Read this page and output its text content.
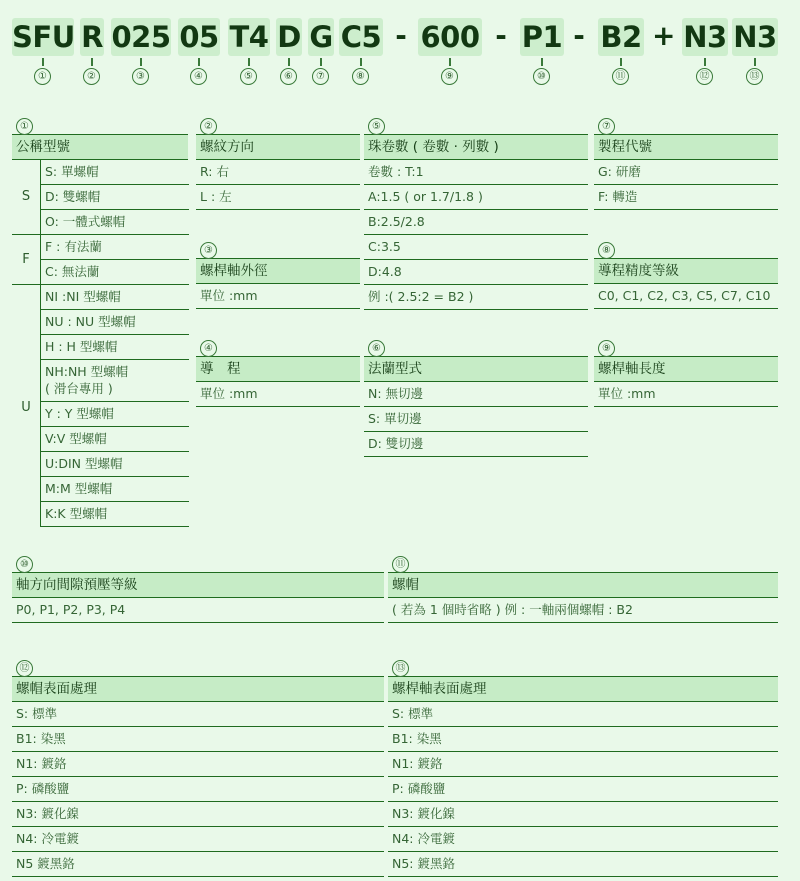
SFU R 025 05 T4 D G C5 - 600 - P1 - B2 + N3 N3
①	②	③	④	⑤	⑥	⑦	⑧	⑨	⑩	⑪	⑫	⑬
①
公稱型號
S
S: 單螺帽
D: 雙螺帽
O: 一體式螺帽
F
F : 有法蘭
C: 無法蘭
U
NI :NI 型螺帽
NU : NU 型螺帽
H : H 型螺帽
NH:NH 型螺帽
( 滑台專用 )
Y : Y 型螺帽
V:V 型螺帽
U:DIN 型螺帽
M:M 型螺帽
K:K 型螺帽
②
螺紋方向
R: 右
L : 左
③
螺桿軸外徑
單位 :mm
④
導　程
單位 :mm
⑤
珠卷數 ( 卷數 · 列數 )
卷數 : T:1
A:1.5 ( or 1.7/1.8 )
B:2.5/2.8
C:3.5
D:4.8
例 :( 2.5:2 = B2 )
⑥
法蘭型式
N: 無切邊
S: 單切邊
D: 雙切邊
⑦
製程代號
G: 研磨
F: 轉造
⑧
導程精度等級
C0, C1, C2, C3, C5, C7, C10
⑨
螺桿軸長度
單位 :mm
⑩
軸方向間隙預壓等級
P0, P1, P2, P3, P4
⑪
螺帽
( 若為 1 個時省略 ) 例 : 一軸兩個螺帽 : B2
⑫
螺帽表面處理
S: 標準
B1: 染黑
N1: 鍍鉻
P: 磷酸鹽
N3: 鍍化鎳
N4: 冷電鍍
N5 鍍黑鉻
⑬
螺桿軸表面處理
S: 標準
B1: 染黑
N1: 鍍鉻
P: 磷酸鹽
N3: 鍍化鎳
N4: 冷電鍍
N5: 鍍黑鉻
